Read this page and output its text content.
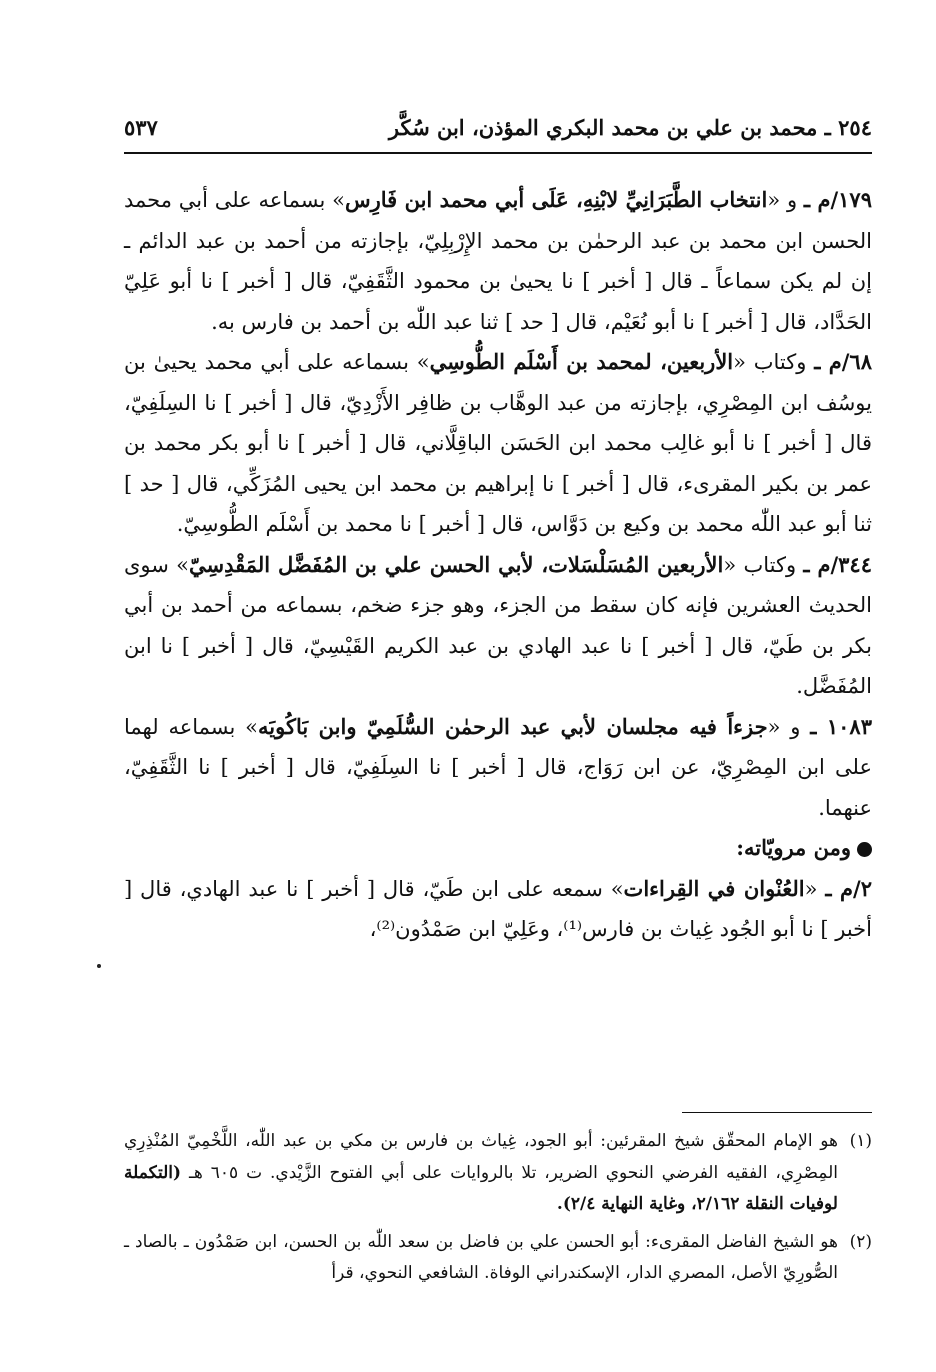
٢٥٤ ـ محمد بن علي بن محمد البكري المؤذن، ابن سُكَّر
٥٣٧

١٧٩/م ـ و «انتخاب الطَّبَرَانِيِّ لابْنِهِ، عَلَى أبي محمد ابن فَارِس» بسماعه على أبي محمد الحسن ابن محمد بن عبد الرحمٰن بن محمد الإِرْبِلِيّ، بإجازته من أحمد بن عبد الدائم ـ إن لم يكن سماعاً ـ قال [ أخبر ] نا يحيىٰ بن محمود الثَّقَفِيّ، قال [ أخبر ] نا أبو عَلِيّ الحَدَّاد، قال [ أخبر ] نا أبو نُعَيْم، قال [ حد ] ثنا عبد اللّٰه بن أحمد بن فارس به.

٦٨/م ـ وكتاب «الأربعين، لمحمد بن أَسْلَم الطُّوسِي» بسماعه على أبي محمد يحيىٰ بن يوسُف ابن المِصْرِي، بإجازته من عبد الوهَّاب بن ظافِر الأَزْدِيّ، قال [ أخبر ] نا السِلَفِيّ، قال [ أخبر ] نا أبو غالِب محمد ابن الحَسَن الباقِلَّاني، قال [ أخبر ] نا أبو بكر محمد بن عمر بن بكير المقرىء، قال [ أخبر ] نا إبراهيم بن محمد ابن يحيى المُزَكِّي، قال [ حد ] ثنا أبو عبد اللّٰه محمد بن وكيع بن دَوَّاس، قال [ أخبر ] نا محمد بن أَسْلَم الطُّوسِيّ.

٣٤٤/م ـ وكتاب «الأربعين المُسَلْسَلات، لأبي الحسن علي بن المُفَضَّل المَقْدِسِيّ» سوى الحديث العشرين فإنه كان سقط من الجزء، وهو جزء ضخم، بسماعه من أحمد بن أبي بكر بن طَيّ، قال [ أخبر ] نا عبد الهادي بن عبد الكريم القَيْسِيّ، قال [ أخبر ] نا ابن المُفَضَّل.

١٠٨٣ ـ و «جزءاً فيه مجلسان لأبي عبد الرحمٰن السُّلَمِيّ وابن بَاكُويَه» بسماعه لهما على ابن المِصْرِيّ، عن ابن رَوَاج، قال [ أخبر ] نا السِلَفِيّ، قال [ أخبر ] نا الثَّقَفِيّ، عنهما.

ومن مرويّاته:

٢/م ـ «العُنْوان في القِراءات» سمعه على ابن طَيّ، قال [ أخبر ] نا عبد الهادي، قال [ أخبر ] نا أبو الجُود غِياث بن فارس⁽¹⁾، وعَلِيّ ابن صَمْدُون⁽²⁾،

(١)
هو الإمام المحقّق شيخ المقرئين: أبو الجود، غِياث بن فارس بن مكي بن عبد اللّٰه، اللَّخْمِيّ المُنْذِرِي المِصْرِي، الفقيه الفرضي النحوي الضرير، تلا بالروايات على أبي الفتوح الزَّيْدي. ت ٦٠٥ هـ (التكملة لوفيات النقلة ٢/١٦٢، وغاية النهاية ٢/٤).
(٢)
هو الشيخ الفاضل المقرىء: أبو الحسن علي بن فاضل بن سعد اللّٰه بن الحسن، ابن صَمْدُون ـ بالصاد ـ الصُّورِيّ الأصل، المصري الدار، الإسكندراني الوفاة. الشافعي النحوي، قرأ
